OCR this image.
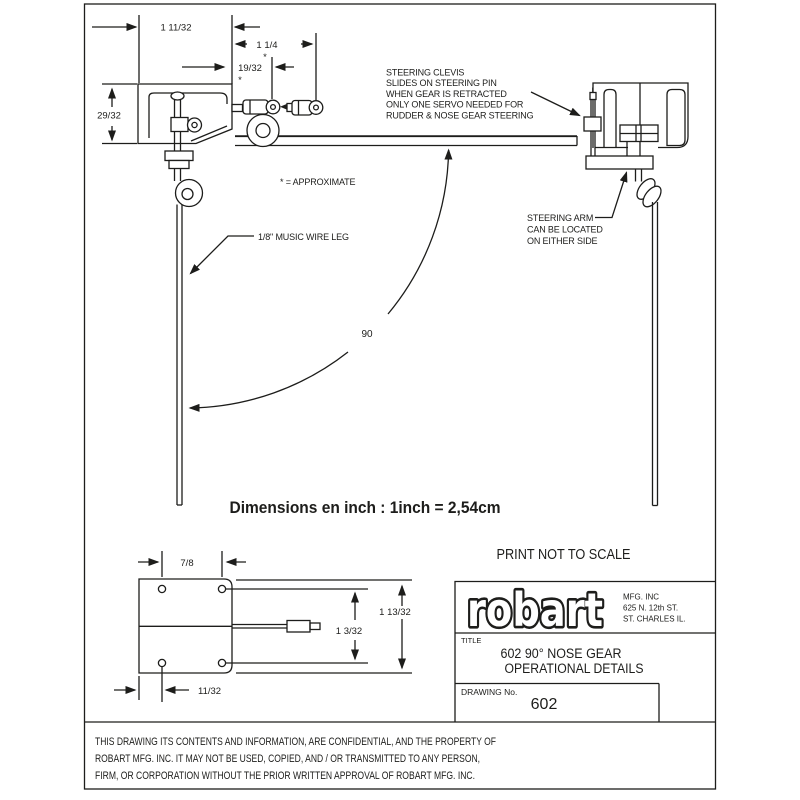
robart	MFG. INC
625 N. 12th ST.
ST. CHARLES IL.
TITLE
602 90° NOSE GEAR
OPERATIONAL DETAILS
DRAWING No.
602
PRINT NOT TO SCALE
Dimensions en inch : 1inch = 2,54cm
STEERING CLEVIS
SLIDES ON STEERING PIN
WHEN GEAR IS RETRACTED
ONLY ONE SERVO NEEDED FOR
RUDDER & NOSE GEAR STEERING
STEERING ARM
CAN BE LOCATED
ON EITHER SIDE
* = APPROXIMATE
1/8" MUSIC WIRE LEG
90
1 11/32
1 1/4
*
19/32
*
29/32
7/8
1 13/32
1 3/32
11/32
THIS DRAWING ITS CONTENTS AND INFORMATION, ARE CONFIDENTIAL, AND THE PROPERTY OF
ROBART MFG. INC. IT MAY NOT BE USED, COPIED, AND / OR TRANSMITTED TO ANY PERSON,
FIRM, OR CORPORATION WITHOUT THE PRIOR WRITTEN APPROVAL OF ROBART MFG. INC.
